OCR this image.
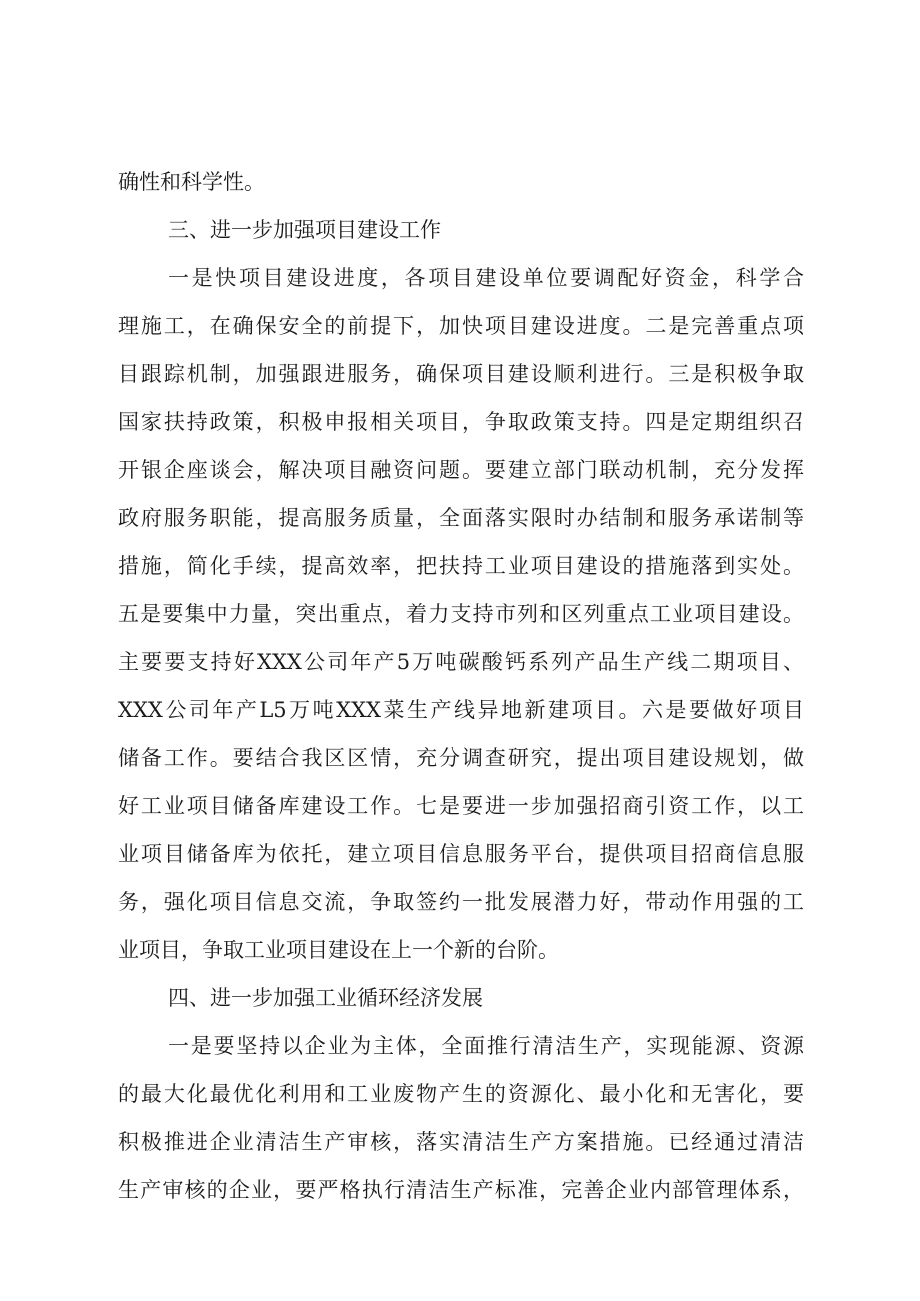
确性和科学性。
三、进一步加强项目建设工作
一是快项目建设进度，各项目建设单位要调配好资金，科学合
理施工，在确保安全的前提下，加快项目建设进度。二是完善重点项
目跟踪机制，加强跟进服务，确保项目建设顺利进行。三是积极争取
国家扶持政策，积极申报相关项目，争取政策支持。四是定期组织召
开银企座谈会，解决项目融资问题。要建立部门联动机制，充分发挥
政府服务职能，提高服务质量，全面落实限时办结制和服务承诺制等
措施，简化手续，提高效率，把扶持工业项目建设的措施落到实处。
五是要集中力量，突出重点，着力支持市列和区列重点工业项目建设。
主要要支持好XXX公司年产5万吨碳酸钙系列产品生产线二期项目、
XXX公司年产L5万吨XXX菜生产线异地新建项目。六是要做好项目
储备工作。要结合我区区情，充分调查研究，提出项目建设规划，做
好工业项目储备库建设工作。七是要进一步加强招商引资工作，以工
业项目储备库为依托，建立项目信息服务平台，提供项目招商信息服
务，强化项目信息交流，争取签约一批发展潜力好，带动作用强的工
业项目，争取工业项目建设在上一个新的台阶。
四、进一步加强工业循环经济发展
一是要坚持以企业为主体，全面推行清洁生产，实现能源、资源
的最大化最优化利用和工业废物产生的资源化、最小化和无害化，要
积极推进企业清洁生产审核，落实清洁生产方案措施。已经通过清洁
生产审核的企业，要严格执行清洁生产标准，完善企业内部管理体系，
